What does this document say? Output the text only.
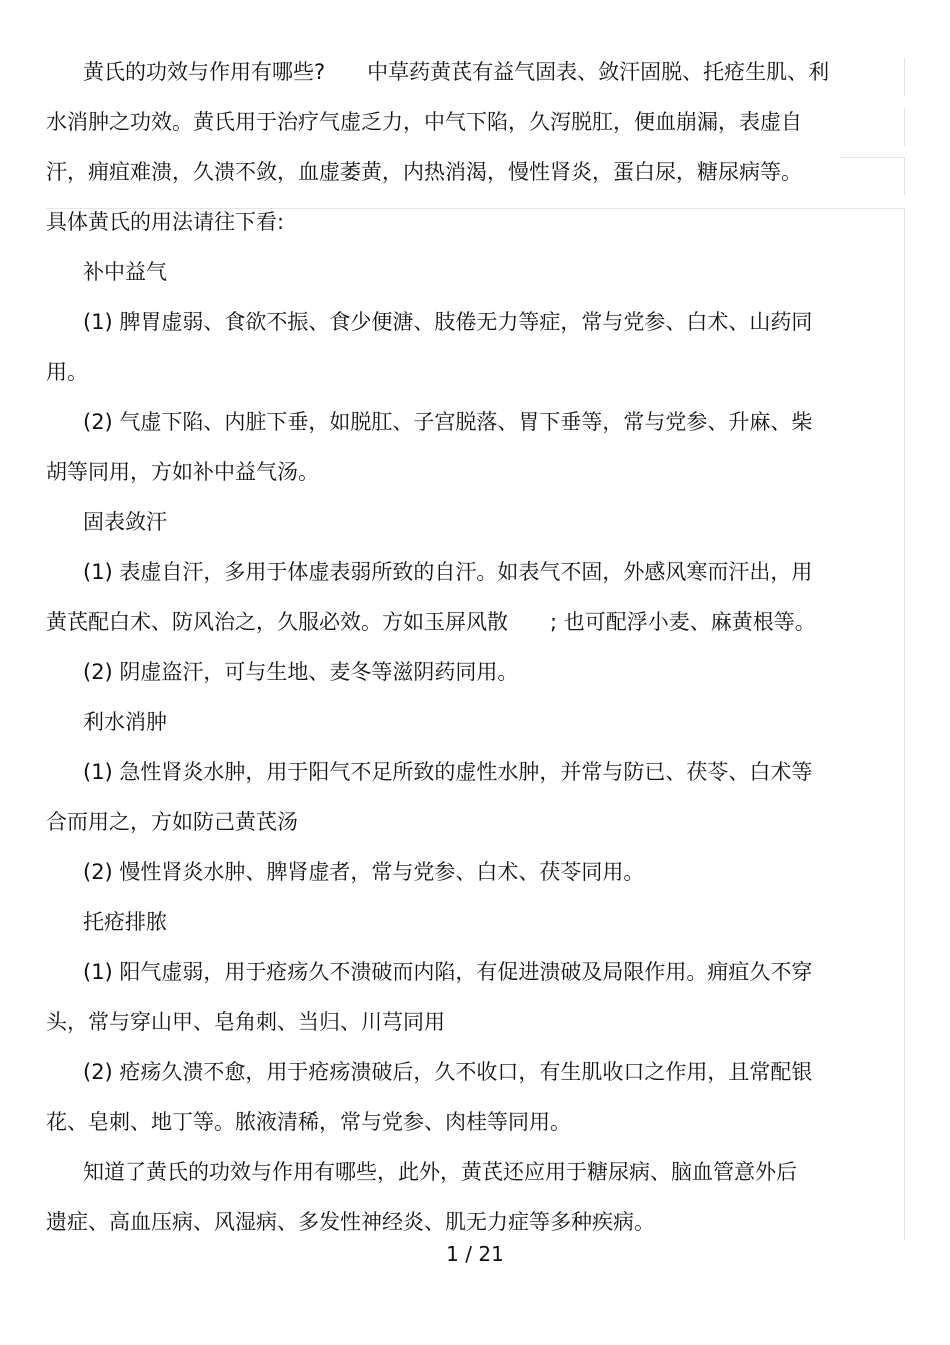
黄氏的功效与作用有哪些?　　中草药黄芪有益气固表、敛汗固脱、托疮生肌、利
水消肿之功效。黄氏用于治疗气虚乏力，中气下陷，久泻脱肛，便血崩漏，表虚自
汗，痈疽难溃，久溃不敛，血虚萎黄，内热消渴，慢性肾炎，蛋白尿，糖尿病等。
具体黄氏的用法请往下看:
补中益气
(1) 脾胃虚弱、食欲不振、食少便溏、肢倦无力等症，常与党参、白术、山药同
用。
(2) 气虚下陷、内脏下垂，如脱肛、子宫脱落、胃下垂等，常与党参、升麻、柴
胡等同用，方如补中益气汤。
固表敛汗
(1) 表虚自汗，多用于体虚表弱所致的自汗。如表气不固，外感风寒而汗出，用
黄芪配白术、防风治之，久服必效。方如玉屏风散　　; 也可配浮小麦、麻黄根等。
(2) 阴虚盗汗，可与生地、麦冬等滋阴药同用。
利水消肿
(1) 急性肾炎水肿，用于阳气不足所致的虚性水肿，并常与防已、茯苓、白术等
合而用之，方如防己黄芪汤
(2) 慢性肾炎水肿、脾肾虚者，常与党参、白术、茯苓同用。
托疮排脓
(1) 阳气虚弱，用于疮疡久不溃破而内陷，有促进溃破及局限作用。痈疽久不穿
头，常与穿山甲、皂角刺、当归、川芎同用
(2) 疮疡久溃不愈，用于疮疡溃破后，久不收口，有生肌收口之作用，且常配银
花、皂刺、地丁等。脓液清稀，常与党参、肉桂等同用。
知道了黄氏的功效与作用有哪些，此外，黄芪还应用于糖尿病、脑血管意外后
遗症、高血压病、风湿病、多发性神经炎、肌无力症等多种疾病。
1 / 21
